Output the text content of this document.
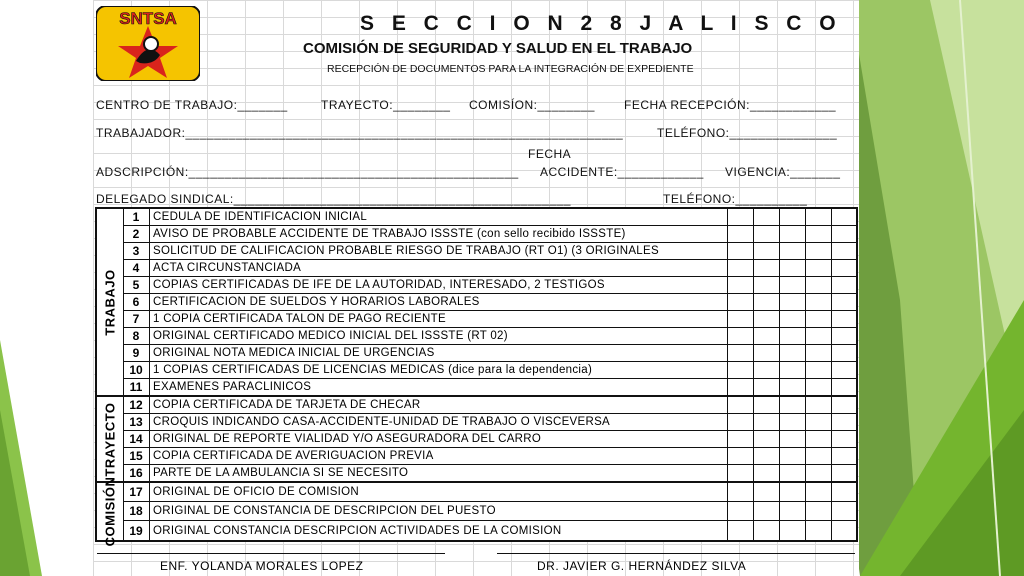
SNTSA	S E C C I O N 2 8 J A L I S C O
COMISIÓN DE SEGURIDAD Y SALUD EN EL TRABAJO
RECEPCIÓN DE DOCUMENTOS PARA LA INTEGRACIÓN DE EXPEDIENTE
CENTRO DE TRABAJO:_______	TRAYECTO:________ COMISÍON:________ FECHA RECEPCIÓN:____________
TRABAJADOR:_____________________________________________________________	TELÉFONO:_______________
FECHA
ADSCRIPCIÓN:______________________________________________ ACCIDENTE:____________ VIGENCIA:_______
DELEGADO SINDICAL:_______________________________________________	TELÉFONO:__________
TRABAJO
TRAYECTO
COMISIÓN
1	CEDULA DE IDENTIFICACIÓN INICIAL
2	AVISO DE PROBABLE ACCIDENTE DE TRABAJO ISSSTE (con sello recibido ISSSTE)
3	SOLICITUD DE CALIFICACIÓN PROBABLE RIESGO DE TRABAJO (RT O1) (3 ORIGINALES
4	ACTA CIRCUNSTANCIADA
5	COPIAS CERTIFICADAS DE IFE DE LA AUTORIDAD, INTERESADO, 2 TESTIGOS
6	CERTIFICACIÓN DE SUELDOS Y HORARIOS LABORALES
7	1 COPIA CERTIFICADA TALÓN DE PAGO RECIENTE
8	ORIGINAL CERTIFICADO MEDICO INICIAL DEL ISSSTE (RT 02)
9	ORIGINAL NOTA MEDICA INICIAL DE URGENCIAS
10 1 COPIAS CERTIFICADAS DE LICENCIAS MEDICAS (dice para la dependencia)
11 EXÁMENES PARACLÍNICOS
12 COPIA CERTIFICADA DE TARJETA DE CHECAR
13 CROQUIS INDICANDO CASA-ACCIDENTE-UNIDAD DE TRABAJO O VISCEVERSA
14 ORIGINAL DE REPORTE VIALIDAD Y/O ASEGURADORA DEL CARRO
15 COPIA CERTIFICADA DE AVERIGUACION PREVIA
16 PARTE DE LA AMBULANCIA SI SE NECESITO
17 ORIGINAL DE OFICIO DE COMISIÓN
18 ORIGINAL DE CONSTANCIA DE DESCRIPCIÓN DEL PUESTO
19 ORIGINAL CONSTANCIA DESCRIPCIÓN ACTIVIDADES DE LA COMISIÓN
ENF. YOLANDA MORALES LOPEZ	DR. JAVIER G. HERNÁNDEZ SILVA
